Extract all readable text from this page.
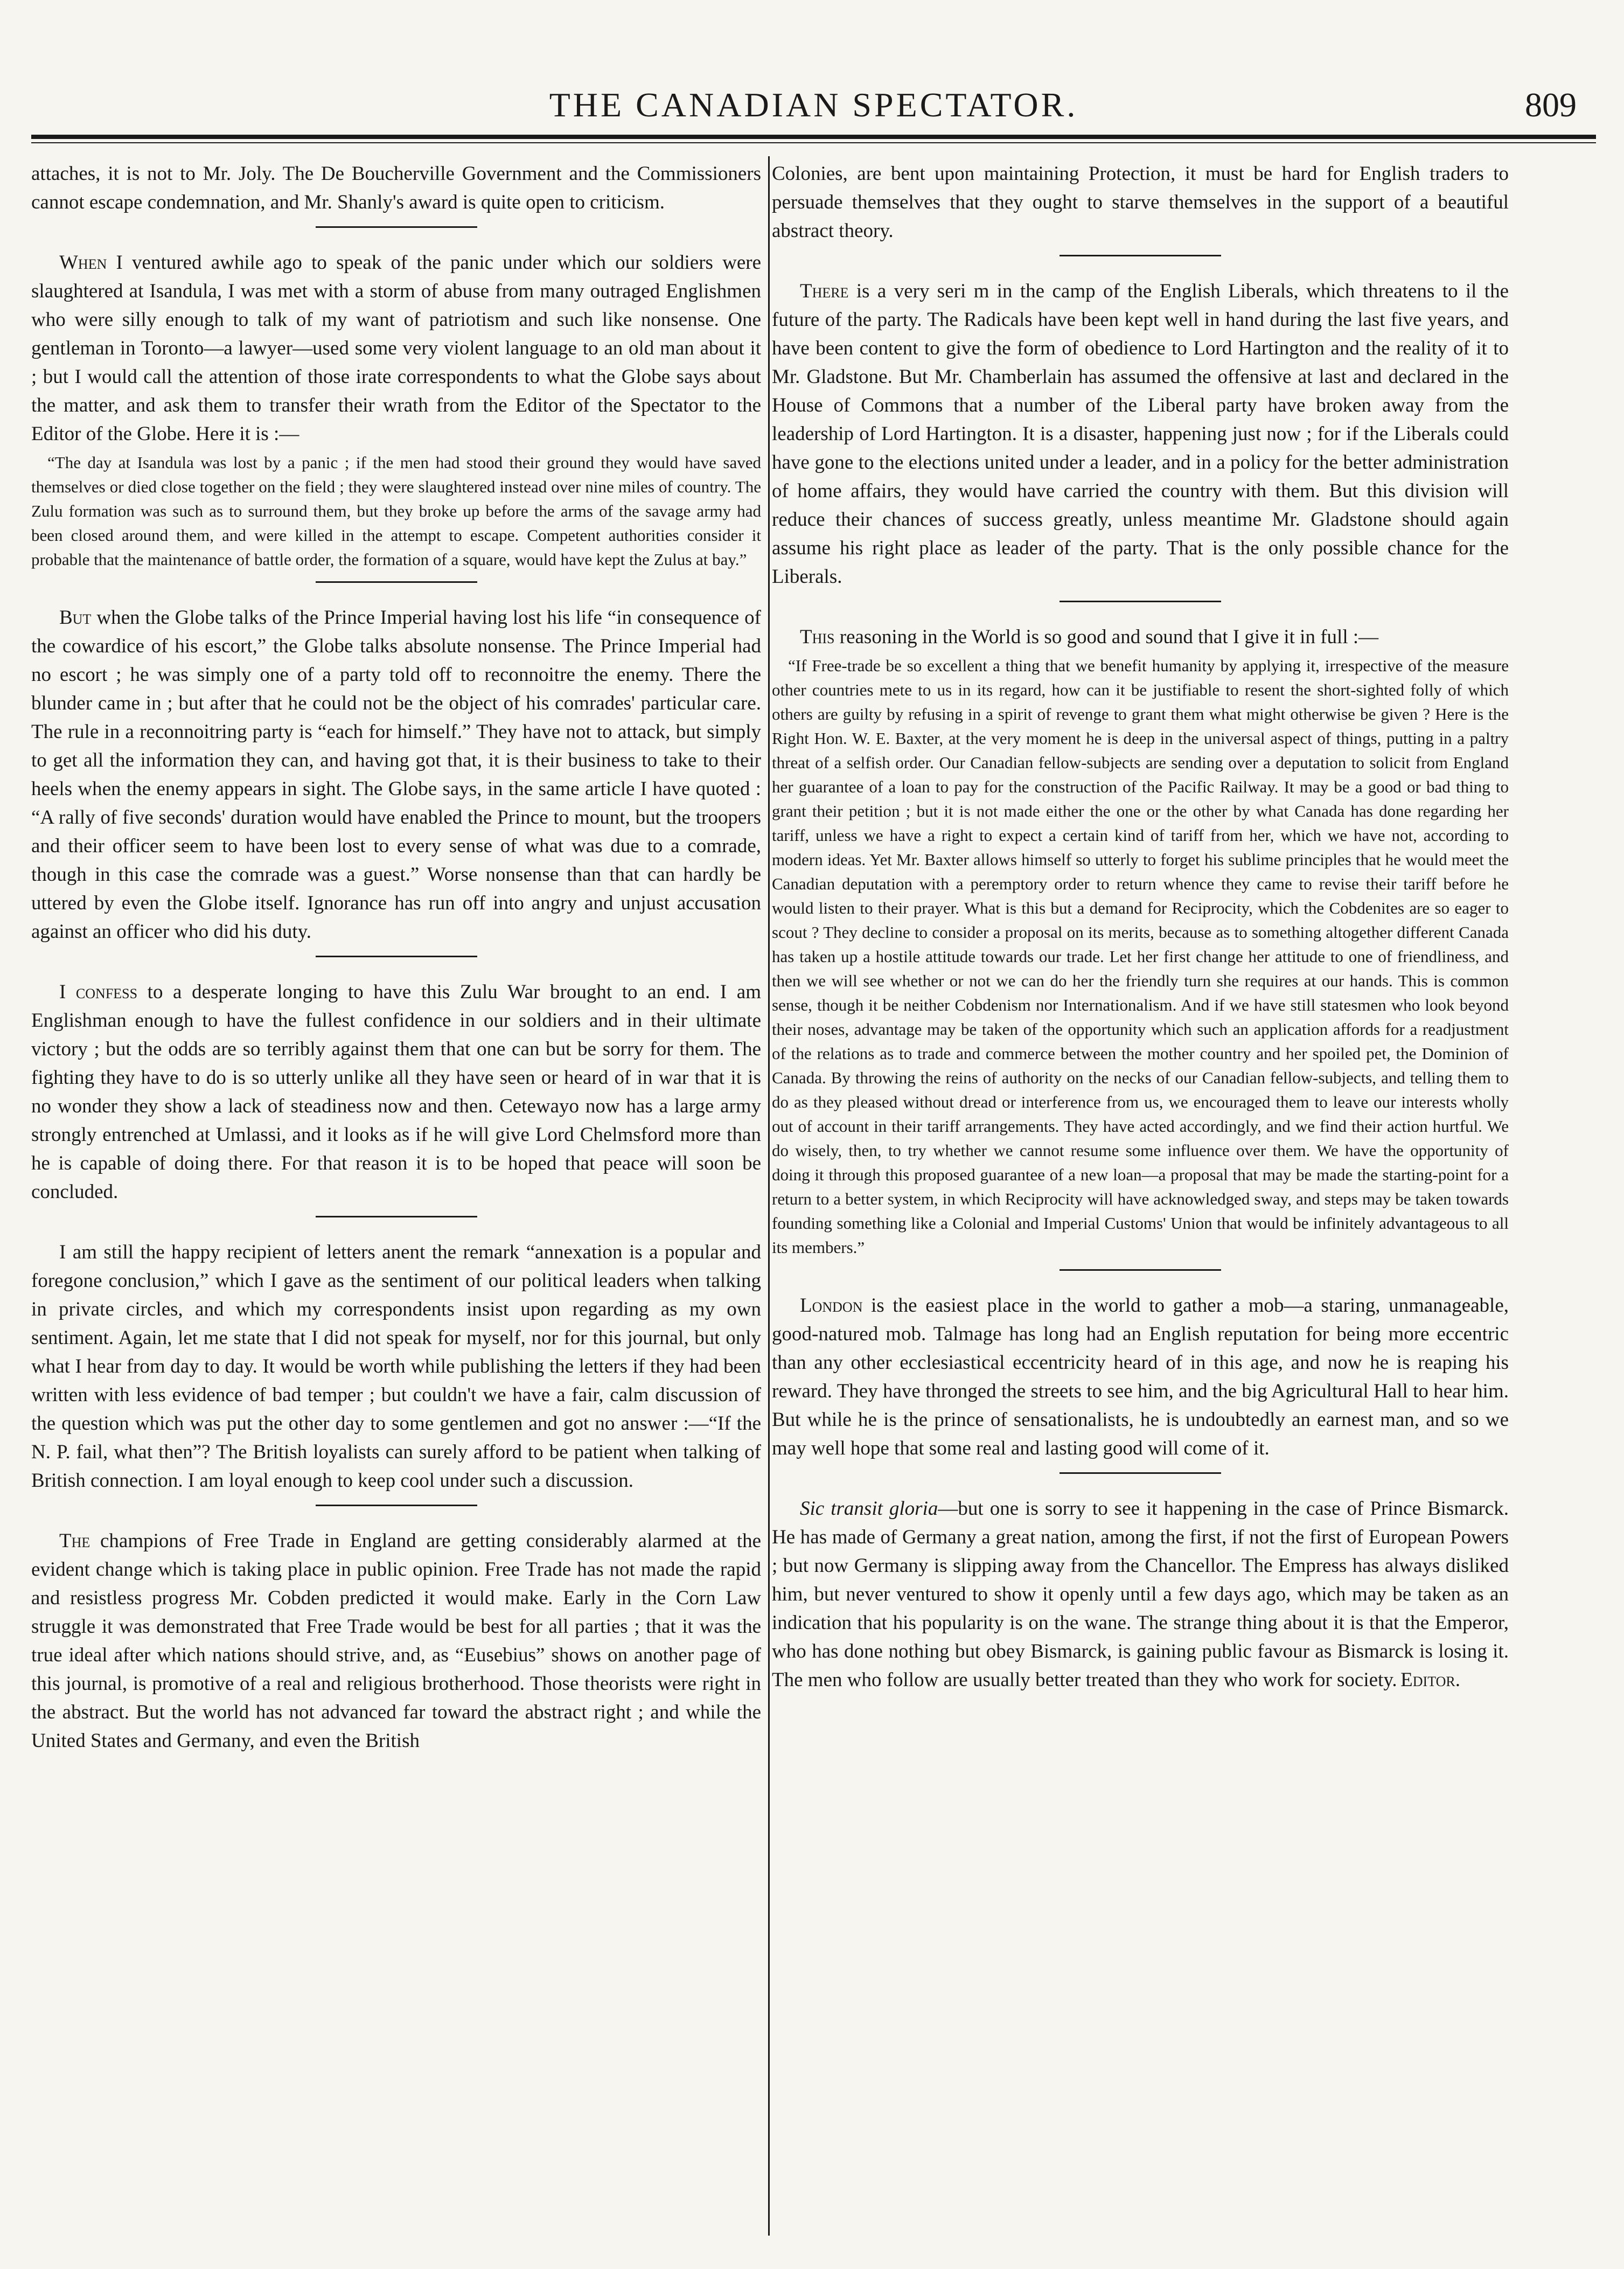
THE CANADIAN SPECTATOR.	809

attaches, it is not to Mr. Joly. The De Boucherville Government and the Commissioners cannot escape condemnation, and Mr. Shanly's award is quite open to criticism.

When I ventured awhile ago to speak of the panic under which our soldiers were slaughtered at Isandula, I was met with a storm of abuse from many outraged Englishmen who were silly enough to talk of my want of patriotism and such like nonsense. One gentleman in Toronto—a lawyer—used some very violent language to an old man about it ; but I would call the attention of those irate correspondents to what the Globe says about the matter, and ask them to transfer their wrath from the Editor of the Spectator to the Editor of the Globe. Here it is :—

“The day at Isandula was lost by a panic ; if the men had stood their ground they would have saved themselves or died close together on the field ; they were slaughtered instead over nine miles of country. The Zulu formation was such as to surround them, but they broke up before the arms of the savage army had been closed around them, and were killed in the attempt to escape. Competent authorities consider it probable that the maintenance of battle order, the formation of a square, would have kept the Zulus at bay.”

But when the Globe talks of the Prince Imperial having lost his life “in consequence of the cowardice of his escort,” the Globe talks absolute nonsense. The Prince Imperial had no escort ; he was simply one of a party told off to reconnoitre the enemy. There the blunder came in ; but after that he could not be the object of his comrades' particular care. The rule in a reconnoitring party is “each for himself.” They have not to attack, but simply to get all the information they can, and having got that, it is their business to take to their heels when the enemy appears in sight. The Globe says, in the same article I have quoted : “A rally of five seconds' duration would have enabled the Prince to mount, but the troopers and their officer seem to have been lost to every sense of what was due to a comrade, though in this case the comrade was a guest.” Worse nonsense than that can hardly be uttered by even the Globe itself. Ignorance has run off into angry and unjust accusation against an officer who did his duty.

I confess to a desperate longing to have this Zulu War brought to an end. I am Englishman enough to have the fullest confidence in our soldiers and in their ultimate victory ; but the odds are so terribly against them that one can but be sorry for them. The fighting they have to do is so utterly unlike all they have seen or heard of in war that it is no wonder they show a lack of steadiness now and then. Cetewayo now has a large army strongly entrenched at Umlassi, and it looks as if he will give Lord Chelmsford more than he is capable of doing there. For that reason it is to be hoped that peace will soon be concluded.

I am still the happy recipient of letters anent the remark “annexation is a popular and foregone conclusion,” which I gave as the sentiment of our political leaders when talking in private circles, and which my correspondents insist upon regarding as my own sentiment. Again, let me state that I did not speak for myself, nor for this journal, but only what I hear from day to day. It would be worth while publishing the letters if they had been written with less evidence of bad temper ; but couldn't we have a fair, calm discussion of the question which was put the other day to some gentlemen and got no answer :—“If the N. P. fail, what then”? The British loyalists can surely afford to be patient when talking of British connection. I am loyal enough to keep cool under such a discussion.

The champions of Free Trade in England are getting considerably alarmed at the evident change which is taking place in public opinion. Free Trade has not made the rapid and resistless progress Mr. Cobden predicted it would make. Early in the Corn Law struggle it was demonstrated that Free Trade would be best for all parties ; that it was the true ideal after which nations should strive, and, as “Eusebius” shows on another page of this journal, is promotive of a real and religious brotherhood. Those theorists were right in the abstract. But the world has not advanced far toward the abstract right ; and while the United States and Germany, and even the British

Colonies, are bent upon maintaining Protection, it must be hard for English traders to persuade themselves that they ought to starve themselves in the support of a beautiful abstract theory.

There is a very seri m in the camp of the English Liberals, which threatens to il the future of the party. The Radicals have been kept well in hand during the last five years, and have been content to give the form of obedience to Lord Hartington and the reality of it to Mr. Gladstone. But Mr. Chamberlain has assumed the offensive at last and declared in the House of Commons that a number of the Liberal party have broken away from the leadership of Lord Hartington. It is a disaster, happening just now ; for if the Liberals could have gone to the elections united under a leader, and in a policy for the better administration of home affairs, they would have carried the country with them. But this division will reduce their chances of success greatly, unless meantime Mr. Gladstone should again assume his right place as leader of the party. That is the only possible chance for the Liberals.

This reasoning in the World is so good and sound that I give it in full :—

“If Free-trade be so excellent a thing that we benefit humanity by applying it, irrespective of the measure other countries mete to us in its regard, how can it be justifiable to resent the short-sighted folly of which others are guilty by refusing in a spirit of revenge to grant them what might otherwise be given ? Here is the Right Hon. W. E. Baxter, at the very moment he is deep in the universal aspect of things, putting in a paltry threat of a selfish order. Our Canadian fellow-subjects are sending over a deputation to solicit from England her guarantee of a loan to pay for the construction of the Pacific Railway. It may be a good or bad thing to grant their petition ; but it is not made either the one or the other by what Canada has done regarding her tariff, unless we have a right to expect a certain kind of tariff from her, which we have not, according to modern ideas. Yet Mr. Baxter allows himself so utterly to forget his sublime principles that he would meet the Canadian deputation with a peremptory order to return whence they came to revise their tariff before he would listen to their prayer. What is this but a demand for Reciprocity, which the Cobdenites are so eager to scout ? They decline to consider a proposal on its merits, because as to something altogether different Canada has taken up a hostile attitude towards our trade. Let her first change her attitude to one of friendliness, and then we will see whether or not we can do her the friendly turn she requires at our hands. This is common sense, though it be neither Cobdenism nor Internationalism. And if we have still statesmen who look beyond their noses, advantage may be taken of the opportunity which such an application affords for a readjustment of the relations as to trade and commerce between the mother country and her spoiled pet, the Dominion of Canada. By throwing the reins of authority on the necks of our Canadian fellow-subjects, and telling them to do as they pleased without dread or interference from us, we encouraged them to leave our interests wholly out of account in their tariff arrangements. They have acted accordingly, and we find their action hurtful. We do wisely, then, to try whether we cannot resume some influence over them. We have the opportunity of doing it through this proposed guarantee of a new loan—a proposal that may be made the starting-point for a return to a better system, in which Reciprocity will have acknowledged sway, and steps may be taken towards founding something like a Colonial and Imperial Customs' Union that would be infinitely advantageous to all its members.”

London is the easiest place in the world to gather a mob—a staring, unmanageable, good-natured mob. Talmage has long had an English reputation for being more eccentric than any other ecclesiastical eccentricity heard of in this age, and now he is reaping his reward. They have thronged the streets to see him, and the big Agricultural Hall to hear him. But while he is the prince of sensationalists, he is undoubtedly an earnest man, and so we may well hope that some real and lasting good will come of it.

Sic transit gloria—but one is sorry to see it happening in the case of Prince Bismarck. He has made of Germany a great nation, among the first, if not the first of European Powers ; but now Germany is slipping away from the Chancellor. The Empress has always disliked him, but never ventured to show it openly until a few days ago, which may be taken as an indication that his popularity is on the wane. The strange thing about it is that the Emperor, who has done nothing but obey Bismarck, is gaining public favour as Bismarck is losing it. The men who follow are usually better treated than they who work for society. Editor.
